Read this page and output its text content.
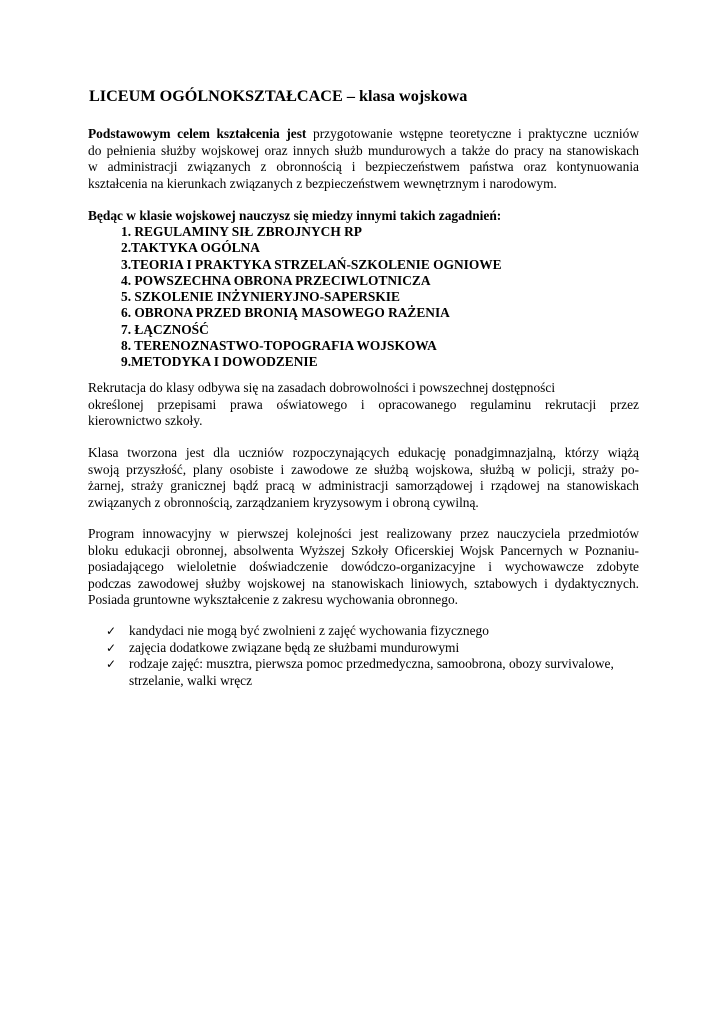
LICEUM OGÓLNOKSZTAŁCACE – klasa wojskowa
Podstawowym celem kształcenia jest przygotowanie wstępne teoretyczne i praktyczne uczniów
do pełnienia służby wojskowej oraz innych służb mundurowych a także do pracy na stanowiskach
w administracji związanych z obronnością i bezpieczeństwem państwa oraz kontynuowania
kształcenia na kierunkach związanych z bezpieczeństwem wewnętrznym i narodowym.

Będąc w klasie wojskowej nauczysz się miedzy innymi takich zagadnień:

1. REGULAMINY SIŁ ZBROJNYCH RP
2.TAKTYKA OGÓLNA
3.TEORIA I PRAKTYKA STRZELAŃ-SZKOLENIE OGNIOWE
4. POWSZECHNA OBRONA PRZECIWLOTNICZA
5. SZKOLENIE INŻYNIERYJNO-SAPERSKIE
6. OBRONA PRZED BRONIĄ MASOWEGO RAŻENIA
7. ŁĄCZNOŚĆ
8. TERENOZNASTWO-TOPOGRAFIA WOJSKOWA
9.METODYKA I DOWODZENIE
Rekrutacja do klasy odbywa się na zasadach dobrowolności i powszechnej dostępności
określonej przepisami prawa oświatowego i opracowanego regulaminu rekrutacji przez
kierownictwo szkoły.
Klasa tworzona jest dla uczniów rozpoczynających edukację ponadgimnazjalną, którzy wiążą
swoją przyszłość, plany osobiste i zawodowe ze służbą wojskowa, służbą w policji, straży po-
żarnej, straży granicznej bądź pracą w administracji samorządowej i rządowej na stanowiskach
związanych z obronnością, zarządzaniem kryzysowym i obroną cywilną.
Program innowacyjny w pierwszej kolejności jest realizowany przez nauczyciela przedmiotów
bloku edukacji obronnej, absolwenta Wyższej Szkoły Oficerskiej Wojsk Pancernych w Poznaniu-
posiadającego wieloletnie doświadczenie dowódczo-organizacyjne i wychowawcze zdobyte
podczas zawodowej służby wojskowej na stanowiskach liniowych, sztabowych i dydaktycznych.
Posiada gruntowne wykształcenie z zakresu wychowania obronnego.
✓ kandydaci nie mogą być zwolnieni z zajęć wychowania fizycznego
✓ zajęcia dodatkowe związane będą ze służbami mundurowymi
✓ rodzaje zajęć: musztra, pierwsza pomoc przedmedyczna, samoobrona, obozy survivalowe,
strzelanie, walki wręcz
